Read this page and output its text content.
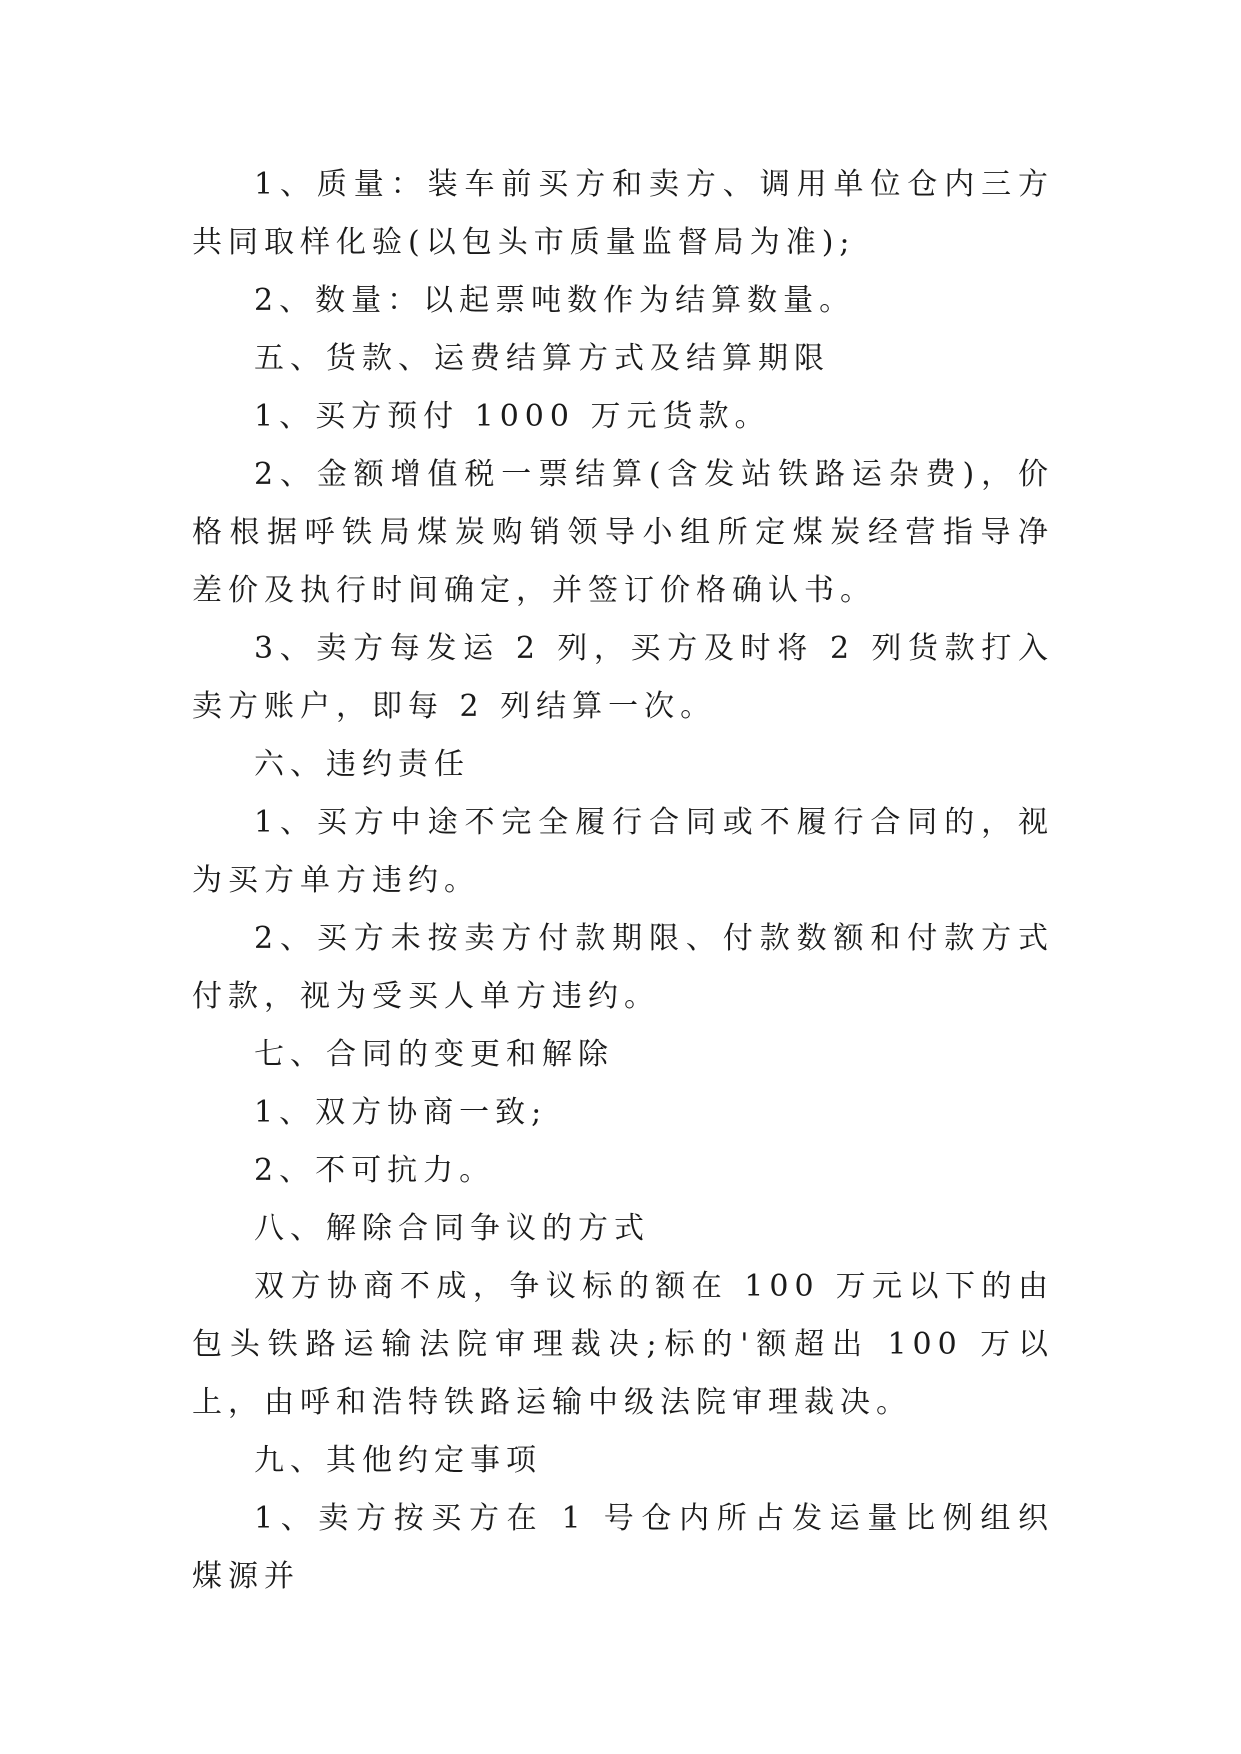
1、质量：装车前买方和卖方、调用单位仓内三方共同取样化验(以包头市质量监督局为准);

2、数量：以起票吨数作为结算数量。

五、货款、运费结算方式及结算期限

1、买方预付 1000 万元货款。

2、金额增值税一票结算(含发站铁路运杂费)，价格根据呼铁局煤炭购销领导小组所定煤炭经营指导净差价及执行时间确定，并签订价格确认书。

3、卖方每发运 2 列，买方及时将 2 列货款打入卖方账户，即每 2 列结算一次。

六、违约责任

1、买方中途不完全履行合同或不履行合同的，视为买方单方违约。

2、买方未按卖方付款期限、付款数额和付款方式付款，视为受买人单方违约。

七、合同的变更和解除

1、双方协商一致;

2、不可抗力。

八、解除合同争议的方式

双方协商不成，争议标的额在 100 万元以下的由包头铁路运输法院审理裁决;标的'额超出 100 万以上，由呼和浩特铁路运输中级法院审理裁决。

九、其他约定事项

1、卖方按买方在 1 号仓内所占发运量比例组织煤源并
